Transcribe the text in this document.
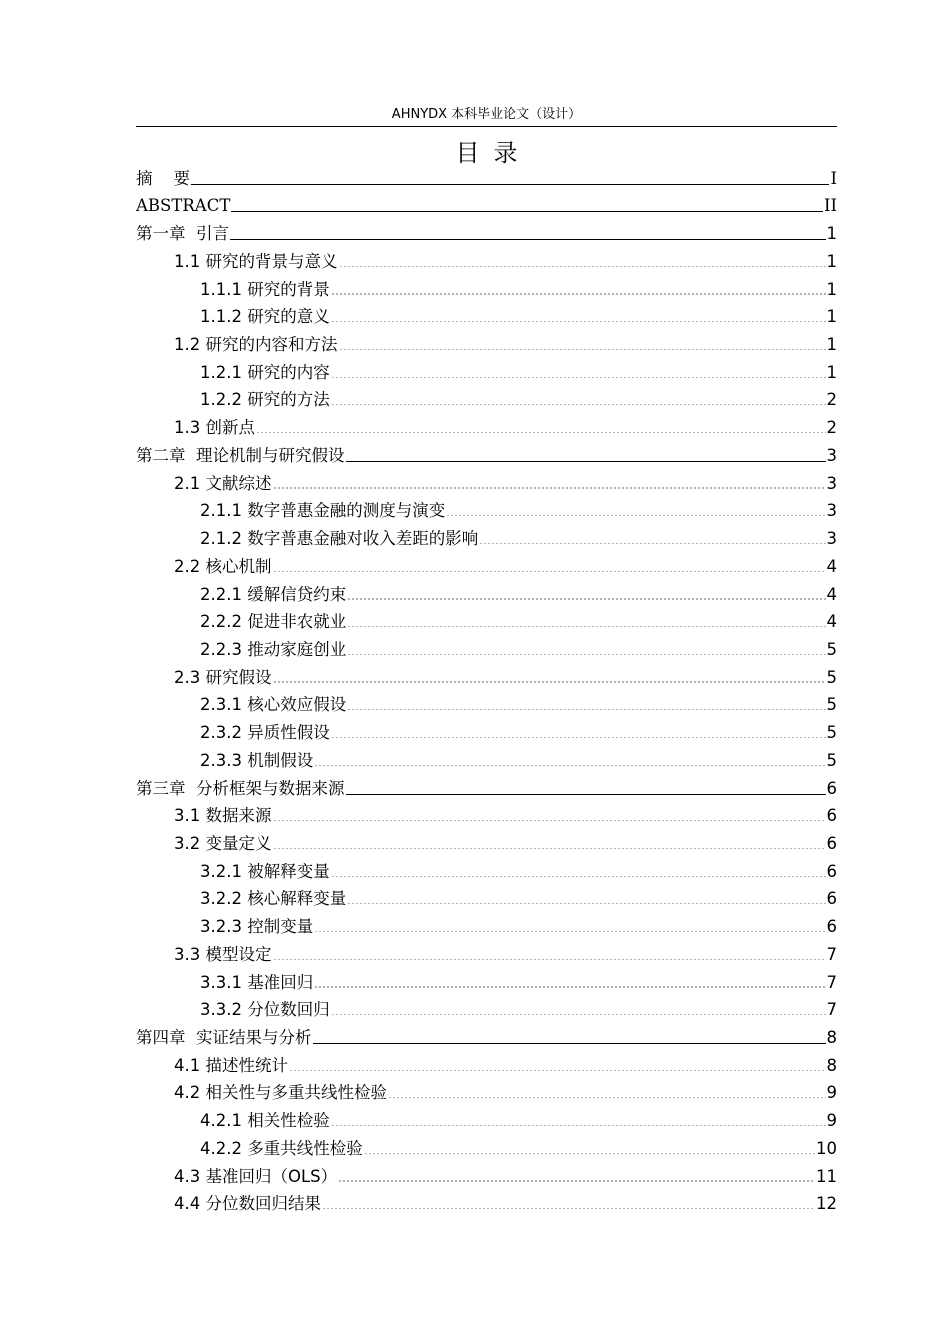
AHNYDX 本科毕业论文（设计）
目录
摘    要	I
ABSTRACT	II
第一章  引言	1
1.1 研究的背景与意义	1
1.1.1 研究的背景	1
1.1.2 研究的意义	1
1.2 研究的内容和方法	1
1.2.1 研究的内容	1
1.2.2 研究的方法	2
1.3 创新点	2
第二章  理论机制与研究假设	3
2.1 文献综述	3
2.1.1 数字普惠金融的测度与演变	3
2.1.2 数字普惠金融对收入差距的影响	3
2.2 核心机制	4
2.2.1 缓解信贷约束	4
2.2.2 促进非农就业	4
2.2.3 推动家庭创业	5
2.3 研究假设	5
2.3.1 核心效应假设	5
2.3.2 异质性假设	5
2.3.3 机制假设	5
第三章  分析框架与数据来源	6
3.1 数据来源	6
3.2 变量定义	6
3.2.1 被解释变量	6
3.2.2 核心解释变量	6
3.2.3 控制变量	6
3.3 模型设定	7
3.3.1 基准回归	7
3.3.2 分位数回归	7
第四章  实证结果与分析	8
4.1 描述性统计	8
4.2 相关性与多重共线性检验	9
4.2.1 相关性检验	9
4.2.2 多重共线性检验	10
4.3 基准回归（OLS）	11
4.4 分位数回归结果	12
